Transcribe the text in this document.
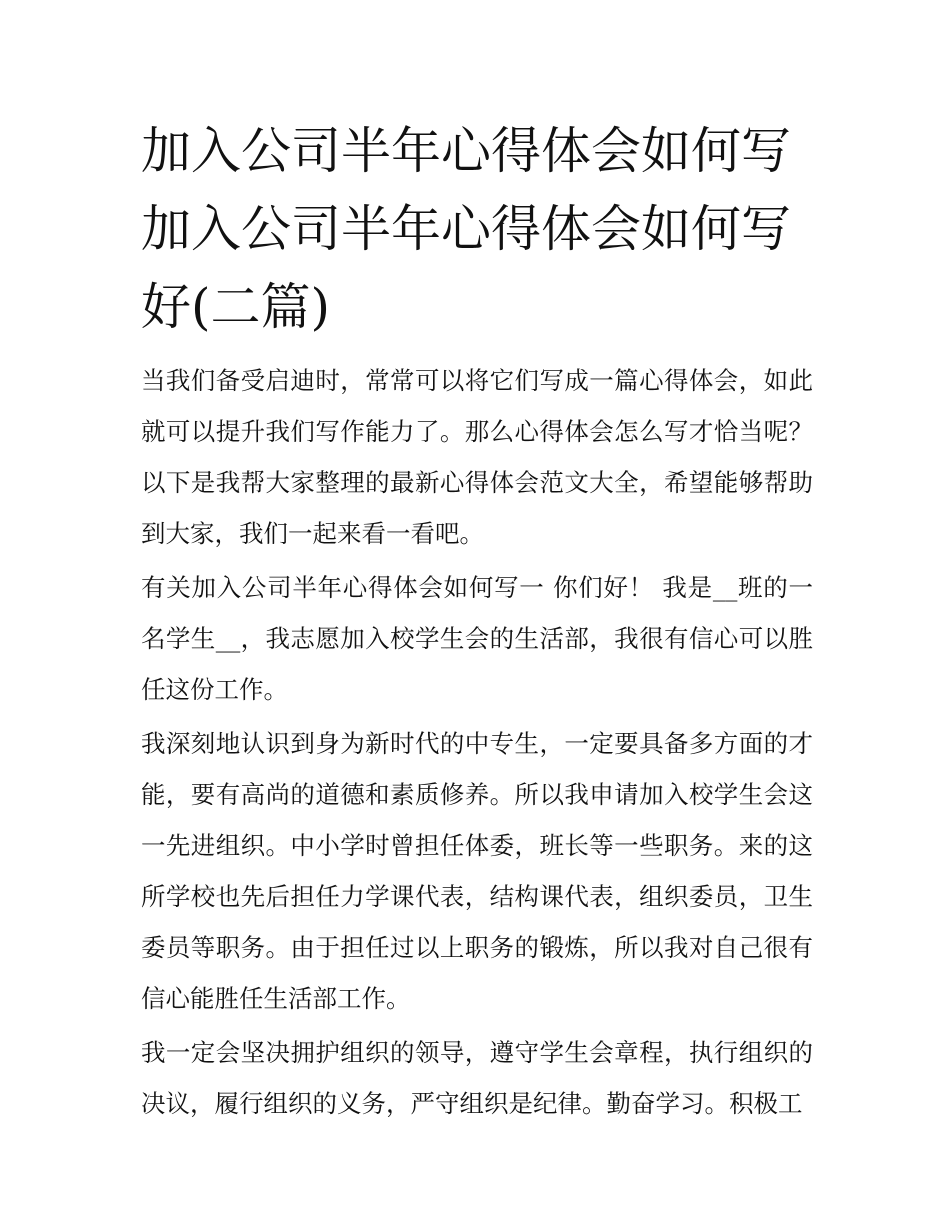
加入公司半年心得体会如何写 加入公司半年心得体会如何写好(二篇)

当我们备受启迪时，常常可以将它们写成一篇心得体会，如此就可以提升我们写作能力了。那么心得体会怎么写才恰当呢？以下是我帮大家整理的最新心得体会范文大全，希望能够帮助到大家，我们一起来看一看吧。

有关加入公司半年心得体会如何写一 你们好！ 我是__班的一名学生__，我志愿加入校学生会的生活部，我很有信心可以胜任这份工作。

我深刻地认识到身为新时代的中专生，一定要具备多方面的才能，要有高尚的道德和素质修养。所以我申请加入校学生会这一先进组织。中小学时曾担任体委，班长等一些职务。来的这所学校也先后担任力学课代表，结构课代表，组织委员，卫生委员等职务。由于担任过以上职务的锻炼，所以我对自己很有信心能胜任生活部工作。

我一定会坚决拥护组织的领导，遵守学生会章程，执行组织的决议，履行组织的义务，严守组织是纪律。勤奋学习。积极工
